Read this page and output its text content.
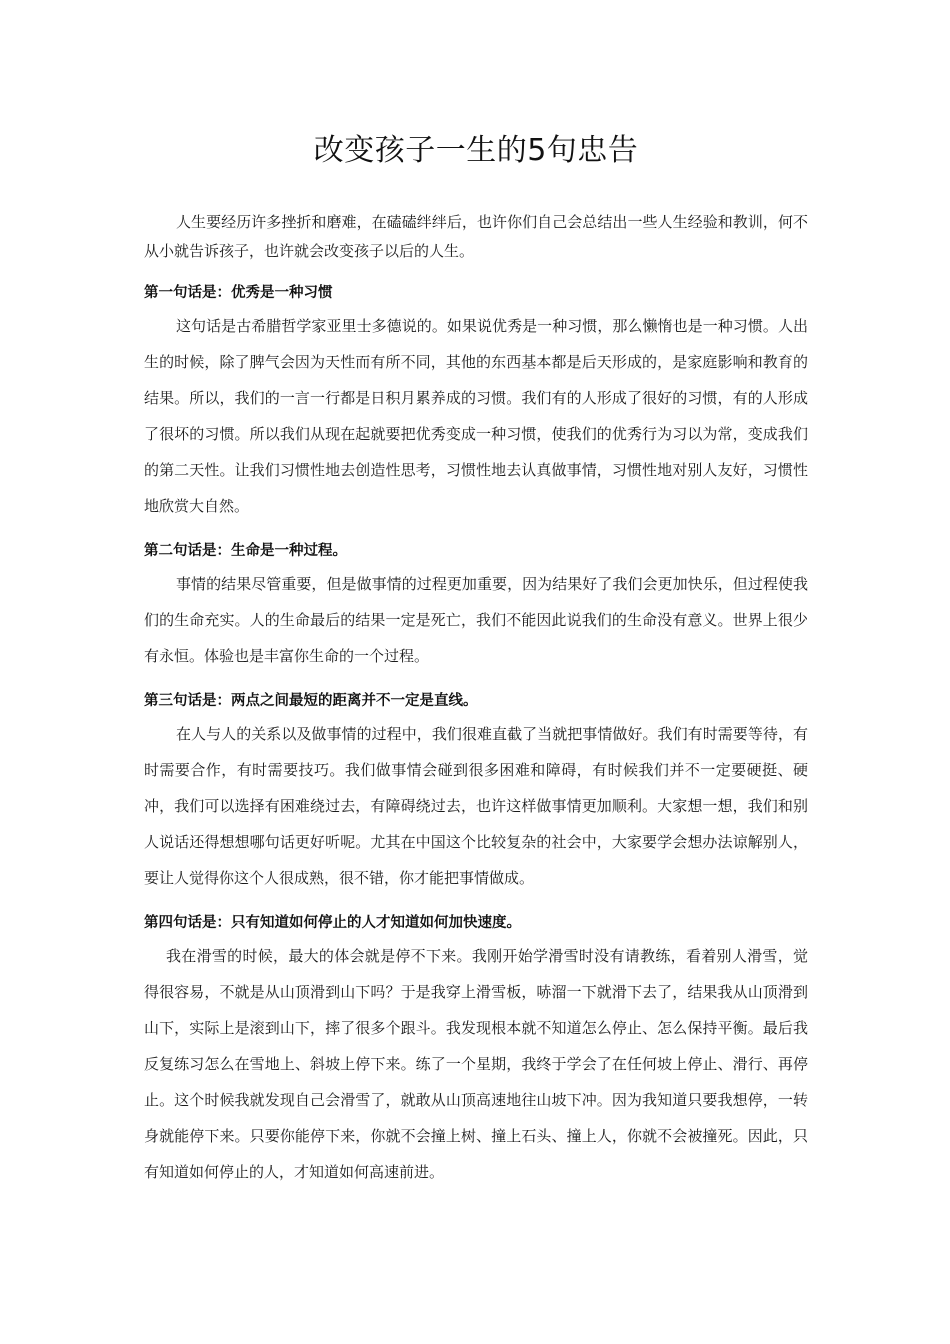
改变孩子一生的5句忠告

人生要经历许多挫折和磨难，在磕磕绊绊后，也许你们自己会总结出一些人生经验和教训，何不从小就告诉孩子，也许就会改变孩子以后的人生。

第一句话是：优秀是一种习惯

这句话是古希腊哲学家亚里士多德说的。如果说优秀是一种习惯，那么懒惰也是一种习惯。人出生的时候，除了脾气会因为天性而有所不同，其他的东西基本都是后天形成的，是家庭影响和教育的结果。所以，我们的一言一行都是日积月累养成的习惯。我们有的人形成了很好的习惯，有的人形成了很坏的习惯。所以我们从现在起就要把优秀变成一种习惯，使我们的优秀行为习以为常，变成我们的第二天性。让我们习惯性地去创造性思考，习惯性地去认真做事情，习惯性地对别人友好，习惯性地欣赏大自然。

第二句话是：生命是一种过程。

事情的结果尽管重要，但是做事情的过程更加重要，因为结果好了我们会更加快乐，但过程使我们的生命充实。人的生命最后的结果一定是死亡，我们不能因此说我们的生命没有意义。世界上很少有永恒。体验也是丰富你生命的一个过程。

第三句话是：两点之间最短的距离并不一定是直线。

在人与人的关系以及做事情的过程中，我们很难直截了当就把事情做好。我们有时需要等待，有时需要合作，有时需要技巧。我们做事情会碰到很多困难和障碍，有时候我们并不一定要硬挺、硬冲，我们可以选择有困难绕过去，有障碍绕过去，也许这样做事情更加顺利。大家想一想，我们和别人说话还得想想哪句话更好听呢。尤其在中国这个比较复杂的社会中，大家要学会想办法谅解别人，要让人觉得你这个人很成熟，很不错，你才能把事情做成。

第四句话是：只有知道如何停止的人才知道如何加快速度。

我在滑雪的时候，最大的体会就是停不下来。我刚开始学滑雪时没有请教练，看着别人滑雪，觉得很容易，不就是从山顶滑到山下吗？于是我穿上滑雪板，哧溜一下就滑下去了，结果我从山顶滑到山下，实际上是滚到山下，摔了很多个跟斗。我发现根本就不知道怎么停止、怎么保持平衡。最后我反复练习怎么在雪地上、斜坡上停下来。练了一个星期，我终于学会了在任何坡上停止、滑行、再停止。这个时候我就发现自己会滑雪了，就敢从山顶高速地往山坡下冲。因为我知道只要我想停，一转身就能停下来。只要你能停下来，你就不会撞上树、撞上石头、撞上人，你就不会被撞死。因此，只有知道如何停止的人，才知道如何高速前进。
